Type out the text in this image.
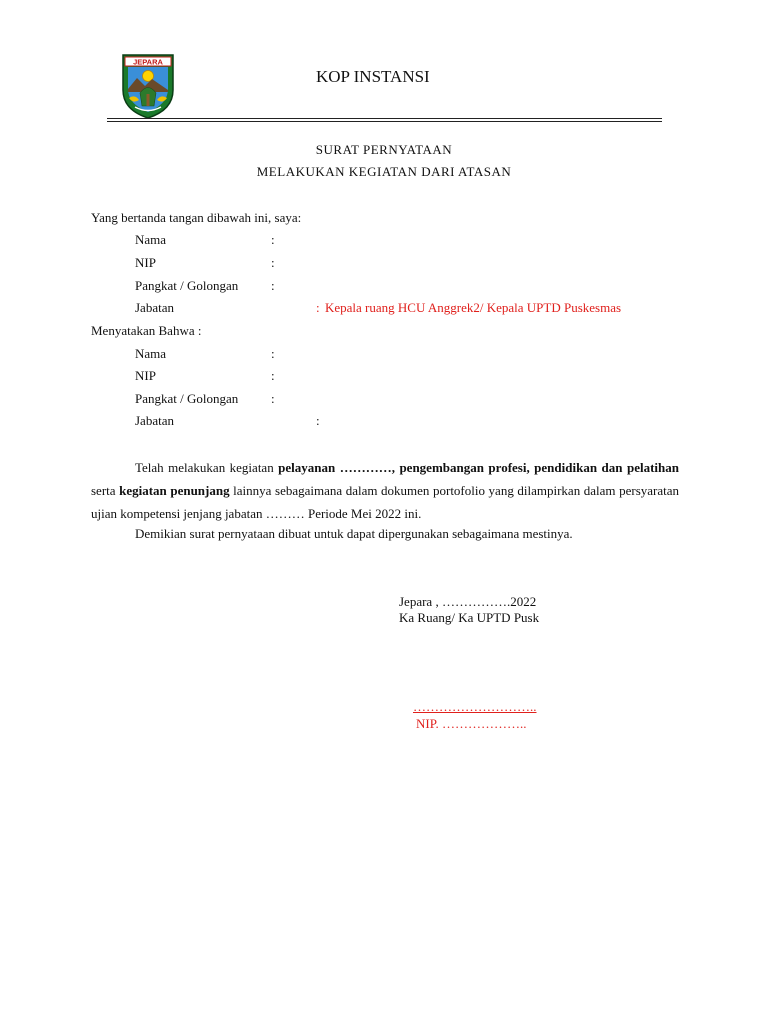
JEPARA
KOP INSTANSI
SURAT PERNYATAAN
MELAKUKAN KEGIATAN DARI ATASAN
Yang bertanda tangan dibawah ini, saya:
Nama	:
NIP	:
Pangkat / Golongan	:
Jabatan	: Kepala ruang HCU Anggrek2/ Kepala UPTD Puskesmas
Menyatakan Bahwa :
Nama	:
NIP	:
Pangkat / Golongan	:
Jabatan	:
Telah melakukan kegiatan pelayanan …………, pengembangan profesi, pendidikan dan pelatihan serta kegiatan penunjang lainnya sebagaimana dalam dokumen portofolio yang dilampirkan dalam persyaratan ujian kompetensi jenjang jabatan ……… Periode Mei 2022 ini.
Demikian surat pernyataan dibuat untuk dapat dipergunakan sebagaimana mestinya.
Jepara , …………….2022
Ka Ruang/ Ka UPTD Pusk
………………………..
NIP. ………………..
